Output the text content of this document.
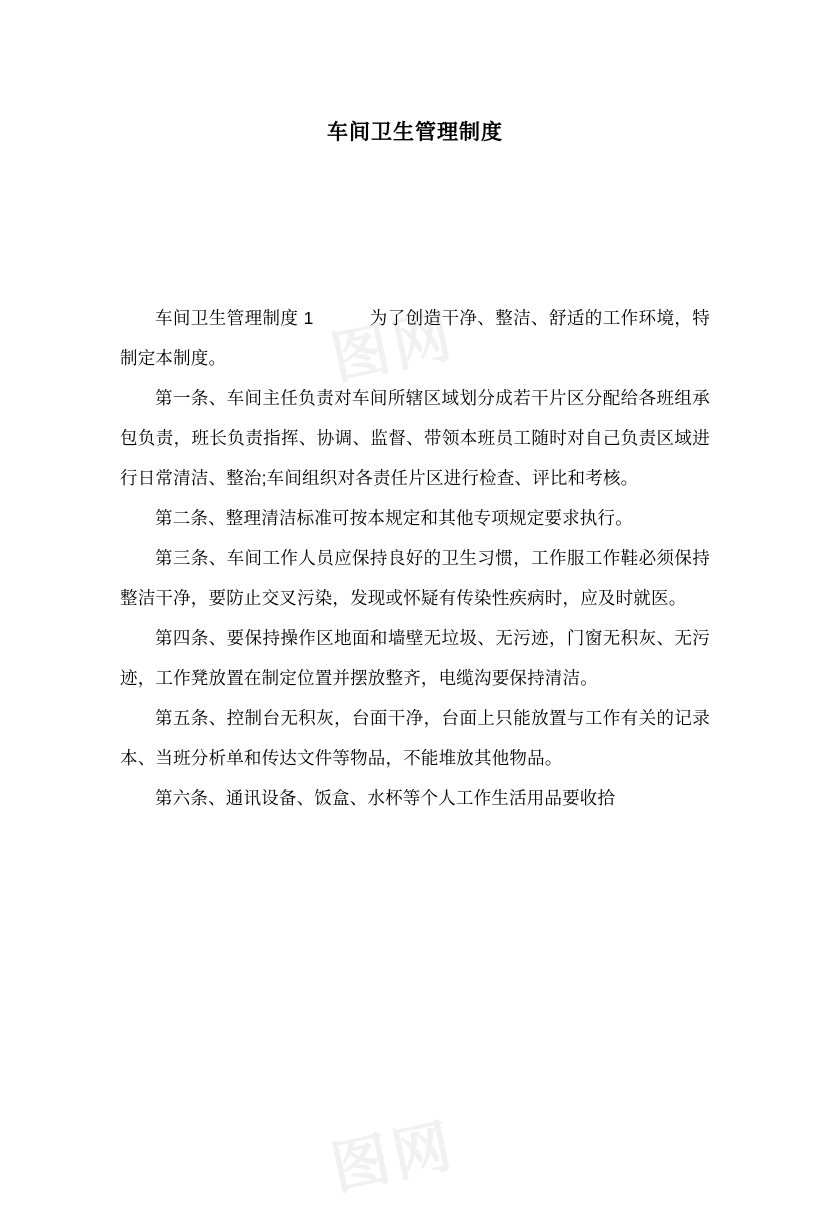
图网
车间卫生管理制度

车间卫生管理制度 1	为了创造干净、整洁、舒适的工作环境，特制定本制度。

第一条、车间主任负责对车间所辖区域划分成若干片区分配给各班组承包负责，班长负责指挥、协调、监督、带领本班员工随时对自己负责区域进行日常清洁、整治;车间组织对各责任片区进行检查、评比和考核。

第二条、整理清洁标准可按本规定和其他专项规定要求执行。

第三条、车间工作人员应保持良好的卫生习惯，工作服工作鞋必须保持整洁干净，要防止交叉污染，发现或怀疑有传染性疾病时，应及时就医。

第四条、要保持操作区地面和墙壁无垃圾、无污迹，门窗无积灰、无污迹，工作凳放置在制定位置并摆放整齐，电缆沟要保持清洁。

第五条、控制台无积灰，台面干净，台面上只能放置与工作有关的记录本、当班分析单和传达文件等物品，不能堆放其他物品。

第六条、通讯设备、饭盒、水杯等个人工作生活用品要收拾

图网
